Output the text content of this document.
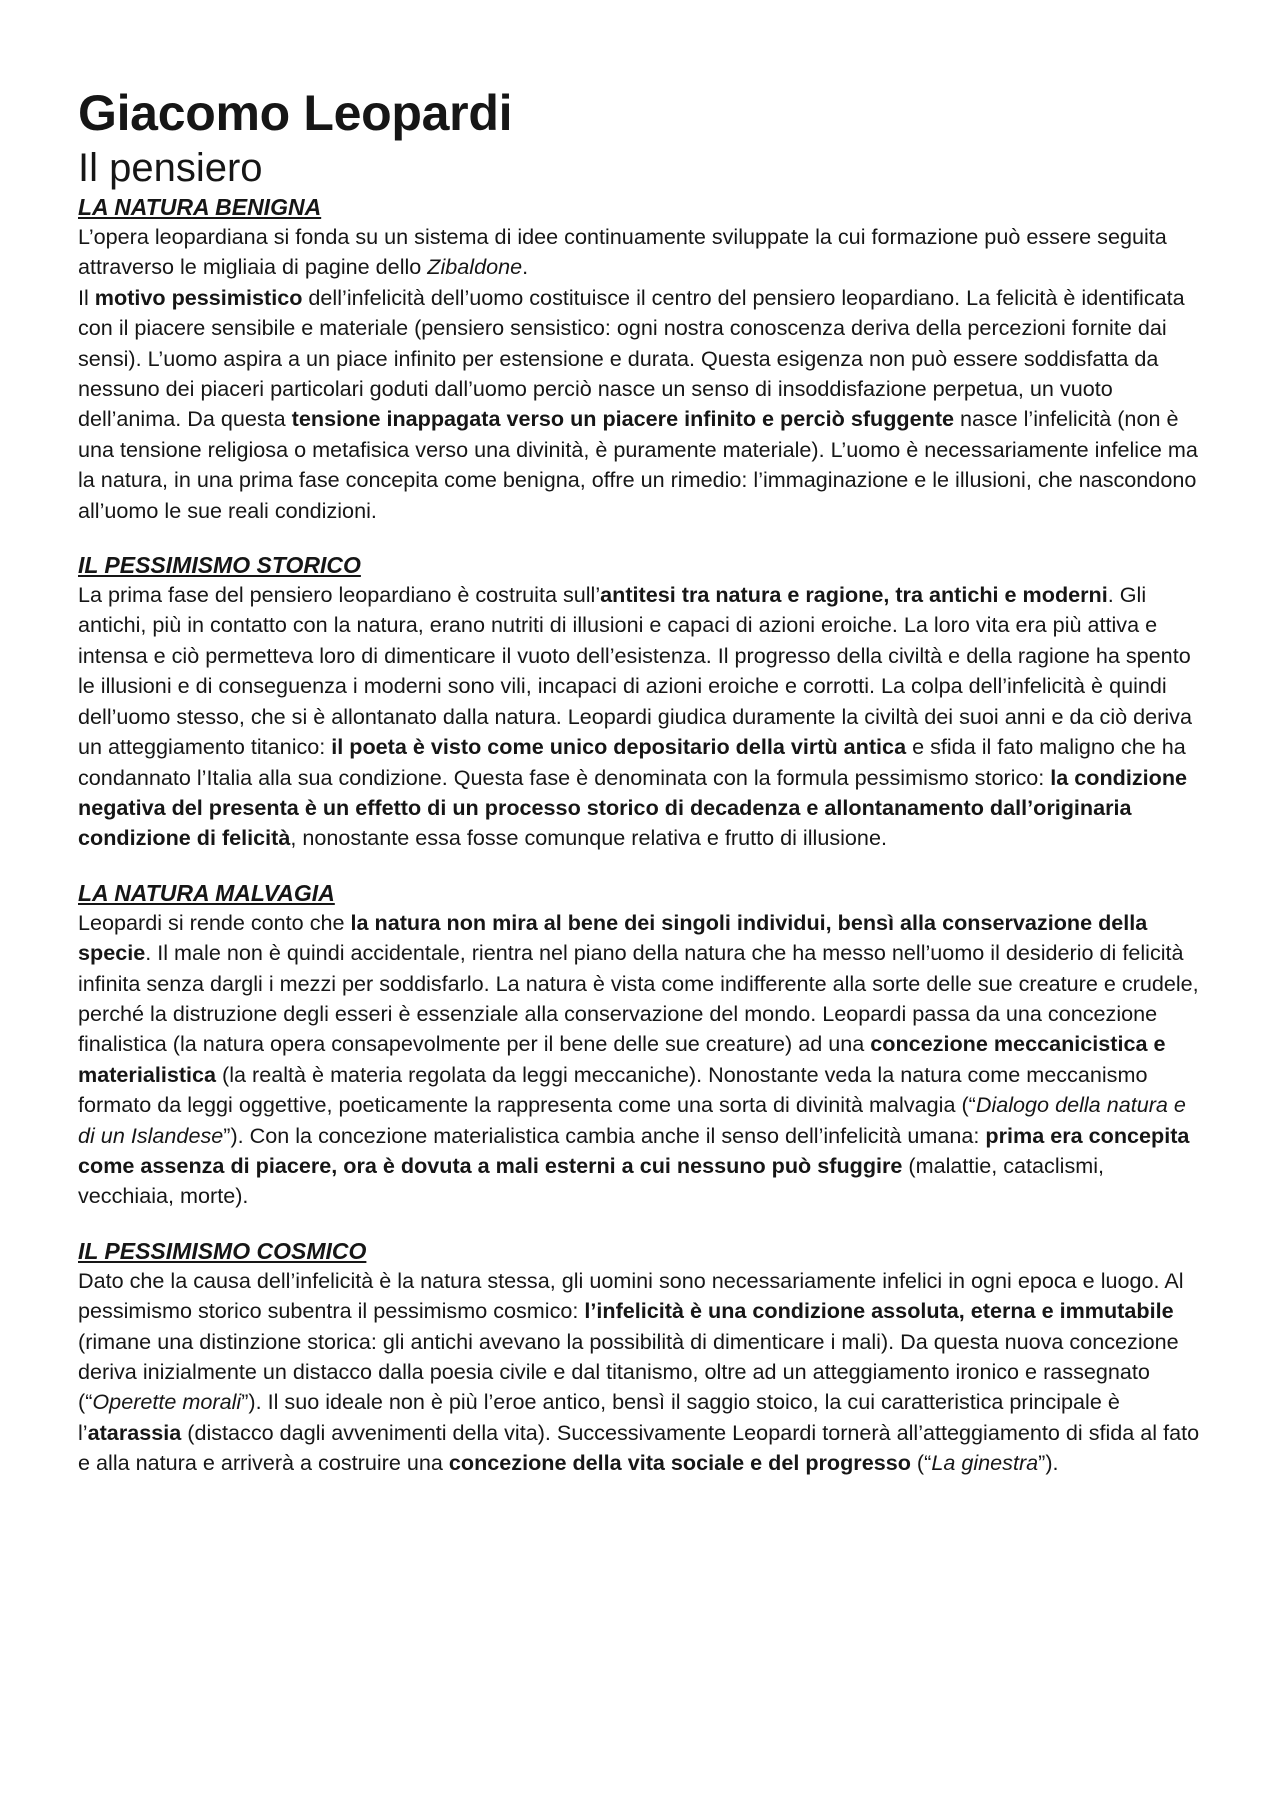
Giacomo Leopardi
Il pensiero
LA NATURA BENIGNA

L’opera leopardiana si fonda su un sistema di idee continuamente sviluppate la cui formazione può essere seguita attraverso le migliaia di pagine dello Zibaldone.

Il motivo pessimistico dell’infelicità dell’uomo costituisce il centro del pensiero leopardiano. La felicità è identificata con il piacere sensibile e materiale (pensiero sensistico: ogni nostra conoscenza deriva della percezioni fornite dai sensi). L’uomo aspira a un piace infinito per estensione e durata. Questa esigenza non può essere soddisfatta da nessuno dei piaceri particolari goduti dall’uomo perciò nasce un senso di insoddisfazione perpetua, un vuoto dell’anima. Da questa tensione inappagata verso un piacere infinito e perciò sfuggente nasce l’infelicità (non è una tensione religiosa o metafisica verso una divinità, è puramente materiale). L’uomo è necessariamente infelice ma la natura, in una prima fase concepita come benigna, offre un rimedio: l’immaginazione e le illusioni, che nascondono all’uomo le sue reali condizioni.

IL PESSIMISMO STORICO

La prima fase del pensiero leopardiano è costruita sull’antitesi tra natura e ragione, tra antichi e moderni. Gli antichi, più in contatto con la natura, erano nutriti di illusioni e capaci di azioni eroiche. La loro vita era più attiva e intensa e ciò permetteva loro di dimenticare il vuoto dell’esistenza. Il progresso della civiltà e della ragione ha spento le illusioni e di conseguenza i moderni sono vili, incapaci di azioni eroiche e corrotti. La colpa dell’infelicità è quindi dell’uomo stesso, che si è allontanato dalla natura. Leopardi giudica duramente la civiltà dei suoi anni e da ciò deriva un atteggiamento titanico: il poeta è visto come unico depositario della virtù antica e sfida il fato maligno che ha condannato l’Italia alla sua condizione. Questa fase è denominata con la formula pessimismo storico: la condizione negativa del presenta è un effetto di un processo storico di decadenza e allontanamento dall’originaria condizione di felicità, nonostante essa fosse comunque relativa e frutto di illusione.

LA NATURA MALVAGIA

Leopardi si rende conto che la natura non mira al bene dei singoli individui, bensì alla conservazione della specie. Il male non è quindi accidentale, rientra nel piano della natura che ha messo nell’uomo il desiderio di felicità infinita senza dargli i mezzi per soddisfarlo. La natura è vista come indifferente alla sorte delle sue creature e crudele, perché la distruzione degli esseri è essenziale alla conservazione del mondo. Leopardi passa da una concezione finalistica (la natura opera consapevolmente per il bene delle sue creature) ad una concezione meccanicistica e materialistica (la realtà è materia regolata da leggi meccaniche). Nonostante veda la natura come meccanismo formato da leggi oggettive, poeticamente la rappresenta come una sorta di divinità malvagia (“Dialogo della natura e di un Islandese”). Con la concezione materialistica cambia anche il senso dell’infelicità umana: prima era concepita come assenza di piacere, ora è dovuta a mali esterni a cui nessuno può sfuggire (malattie, cataclismi, vecchiaia, morte).

IL PESSIMISMO COSMICO

Dato che la causa dell’infelicità è la natura stessa, gli uomini sono necessariamente infelici in ogni epoca e luogo. Al pessimismo storico subentra il pessimismo cosmico: l’infelicità è una condizione assoluta, eterna e immutabile (rimane una distinzione storica: gli antichi avevano la possibilità di dimenticare i mali). Da questa nuova concezione deriva inizialmente un distacco dalla poesia civile e dal titanismo, oltre ad un atteggiamento ironico e rassegnato (“Operette morali”). Il suo ideale non è più l’eroe antico, bensì il saggio stoico, la cui caratteristica principale è l’atarassia (distacco dagli avvenimenti della vita). Successivamente Leopardi tornerà all’atteggiamento di sfida al fato e alla natura e arriverà a costruire una concezione della vita sociale e del progresso (“La ginestra”).
